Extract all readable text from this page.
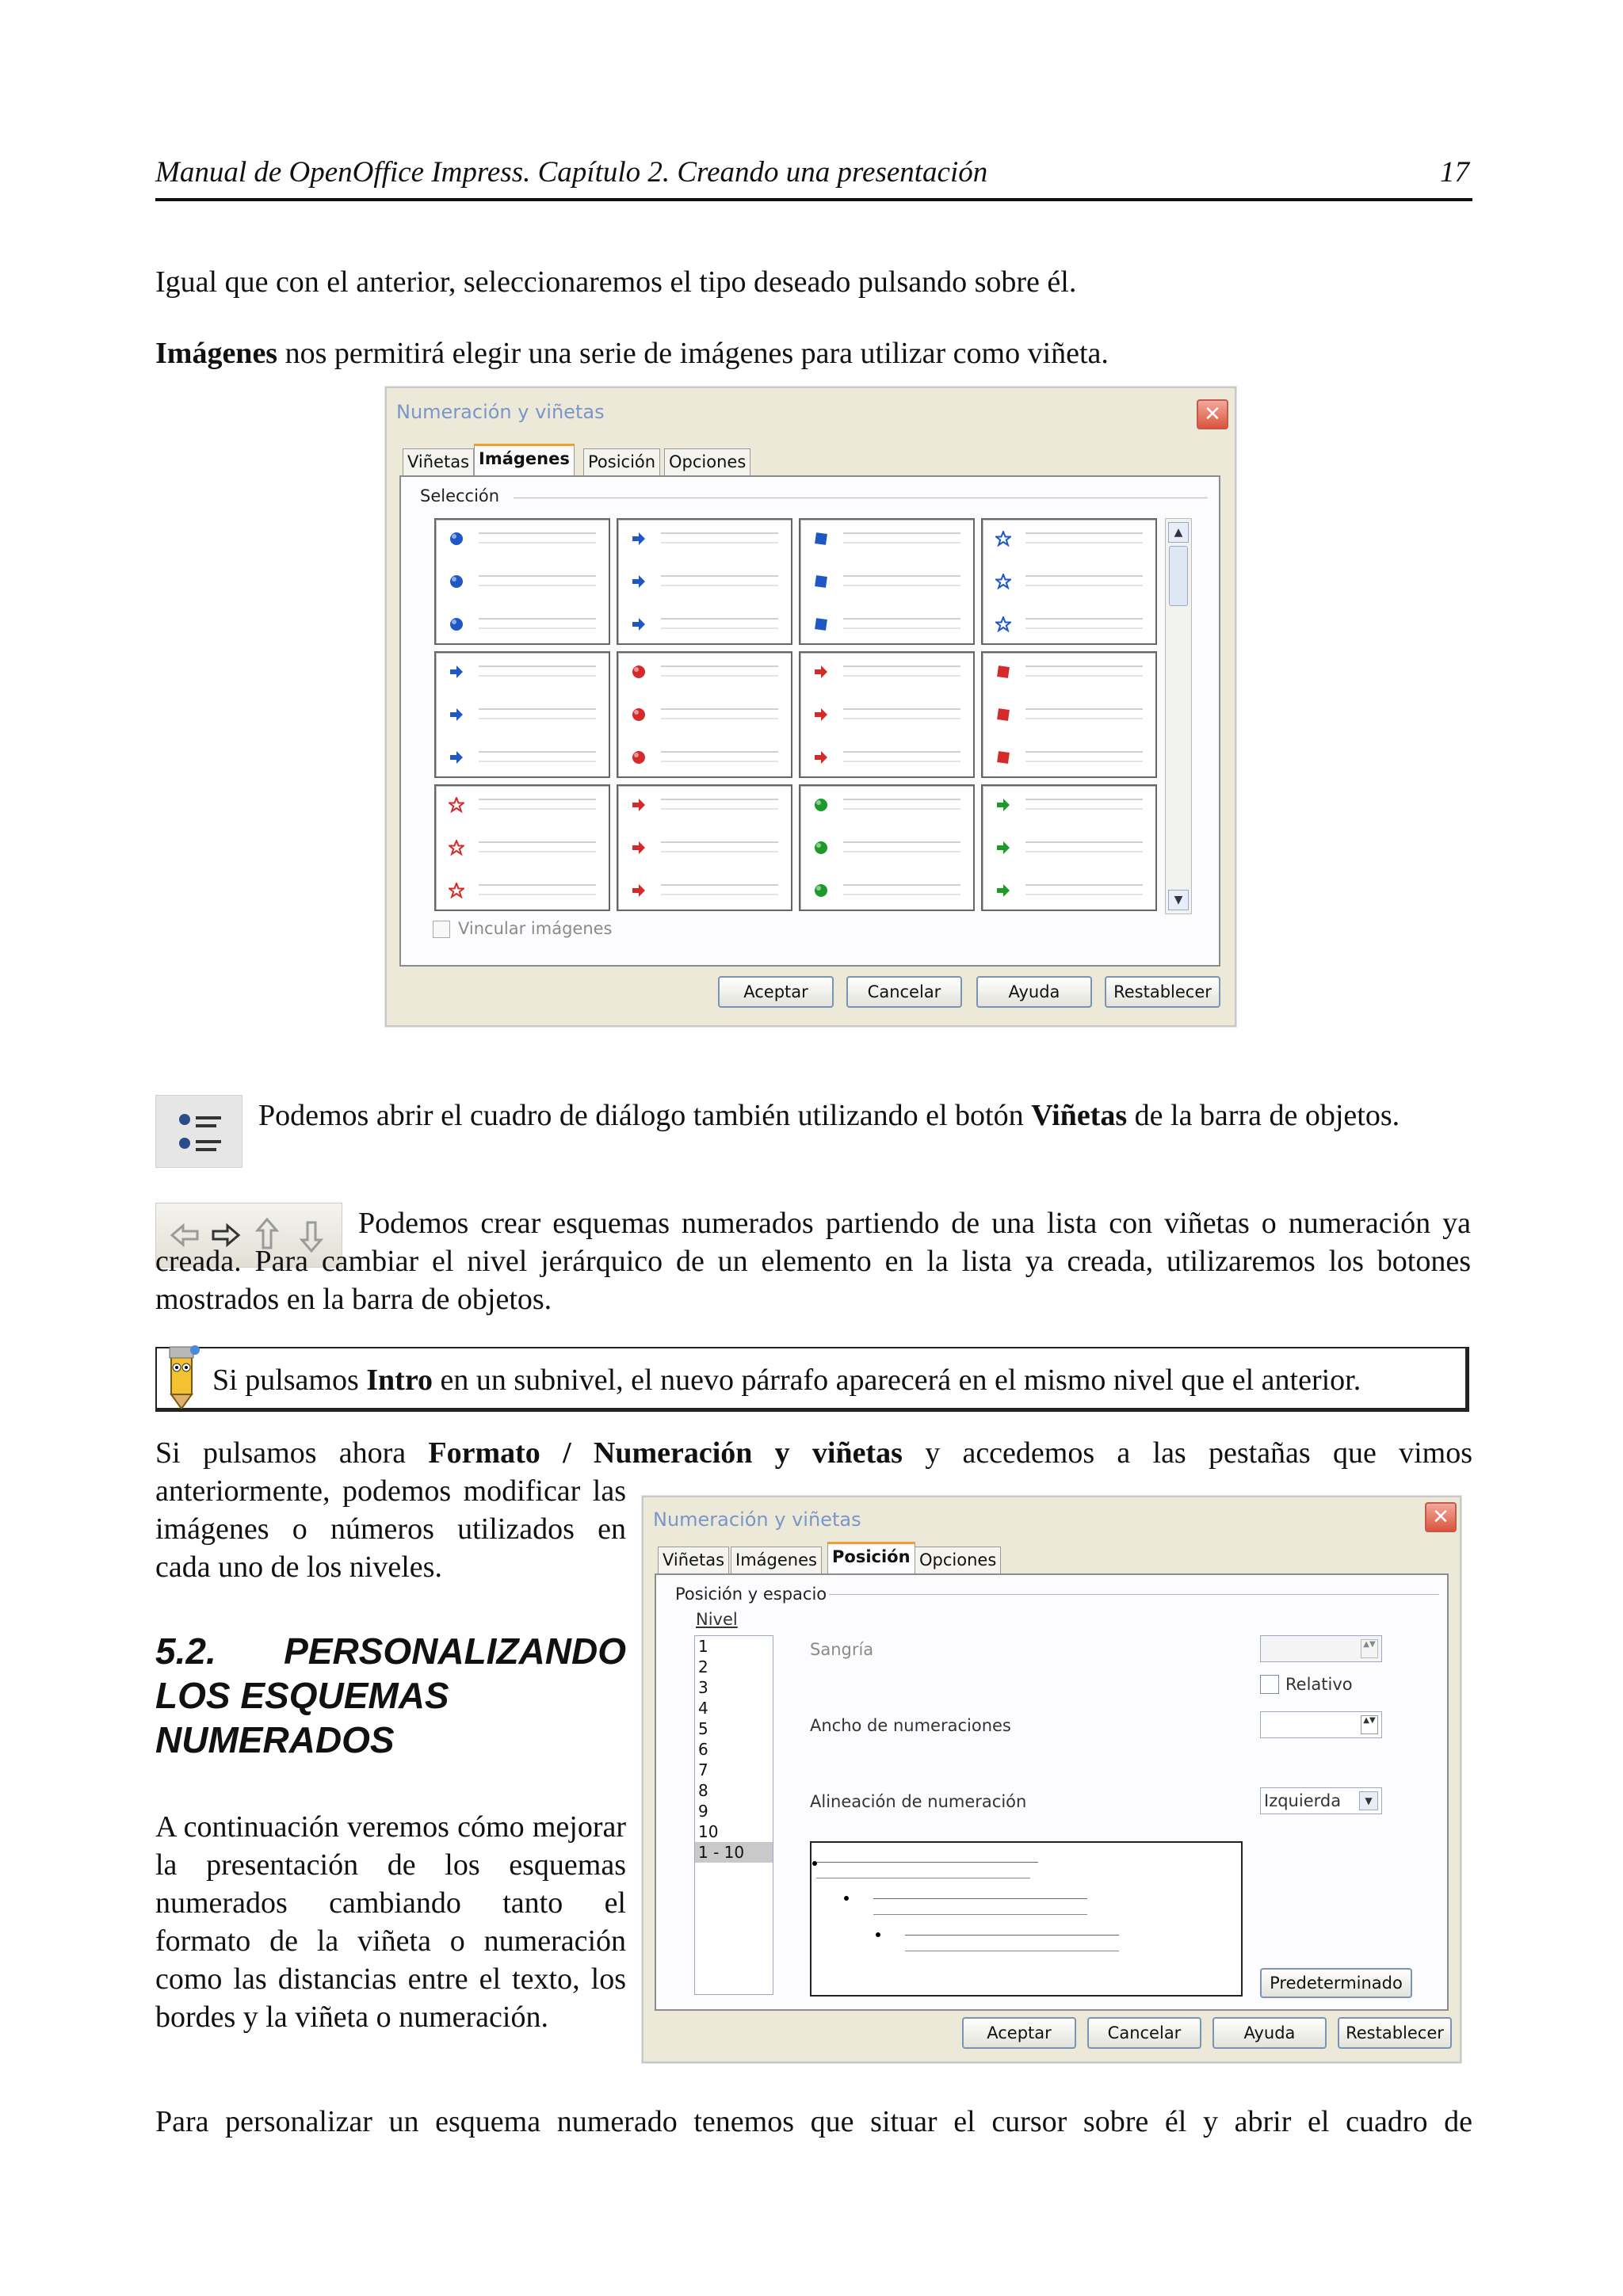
Manual de OpenOffice Impress. Capítulo 2. Creando una presentación	17
Igual que con el anterior, seleccionaremos el tipo deseado pulsando sobre él.
Imágenes nos permitirá elegir una serie de imágenes para utilizar como viñeta.
Numeración y viñetas	✕
Viñetas Imágenes Posición Opciones
Selección
▲
▼
Vincular imágenes
Aceptar	Cancelar	Ayuda	Restablecer
Podemos abrir el cuadro de diálogo también utilizando el botón Viñetas de la barra de objetos.
Podemos crear esquemas numerados partiendo de una lista con viñetas o numeración ya creada. Para cambiar el nivel jerárquico de un elemento en la lista ya creada, utilizaremos los botones mostrados en la barra de objetos.
Si pulsamos Intro en un subnivel, el nuevo párrafo aparecerá en el mismo nivel que el anterior.
Si pulsamos ahora Formato / Numeración y viñetas y accedemos a las pestañas que vimos
anteriormente, podemos modificar las imágenes o números utilizados en cada uno de los niveles.
5.2. PERSONALIZANDO
LOS ESQUEMAS
NUMERADOS
A continuación veremos cómo mejorar la presentación de los esquemas numerados cambiando tanto el formato de la viñeta o numeración como las distancias entre el texto, los bordes y la viñeta o numeración.
Numeración y viñetas	✕
Viñetas Imágenes Posición Opciones
Posición y espacio
Nivel
1
2
3
4
5
6
7
8
9
10
1 - 10
Sangría	▲▼
Relativo
Ancho de numeraciones	▲▼
Alineación de numeración	Izquierda	▼
Predeterminado
Aceptar	Cancelar	Ayuda	Restablecer
Para personalizar un esquema numerado tenemos que situar el cursor sobre él y abrir el cuadro de
